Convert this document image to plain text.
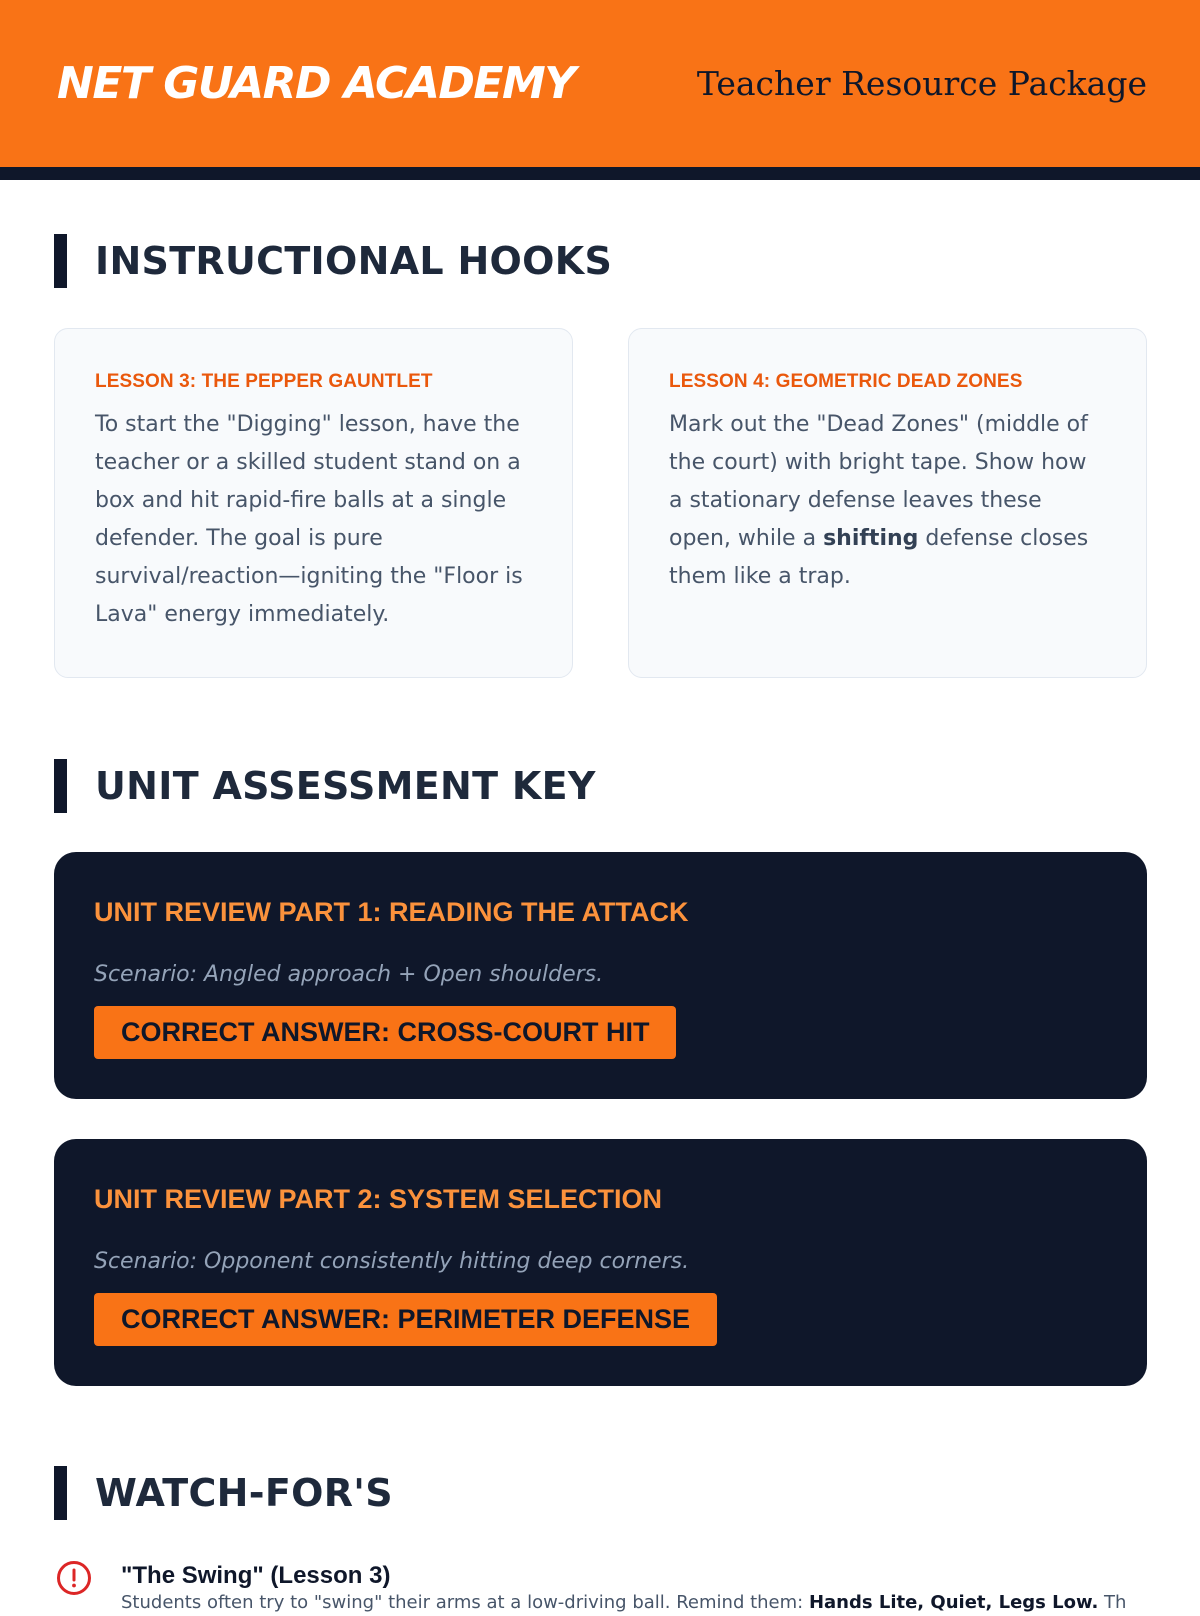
NET GUARD ACADEMY	Teacher Resource Package
INSTRUCTIONAL HOOKS
LESSON 3: THE PEPPER GAUNTLET
To start the "Digging" lesson, have the teacher or a skilled student stand on a box and hit rapid-fire balls at a single defender. The goal is pure survival/reaction—igniting the "Floor is Lava" energy immediately.
LESSON 4: GEOMETRIC DEAD ZONES
Mark out the "Dead Zones" (middle of the court) with bright tape. Show how a stationary defense leaves these open, while a shifting defense closes them like a trap.
UNIT ASSESSMENT KEY
UNIT REVIEW PART 1: READING THE ATTACK
Scenario: Angled approach + Open shoulders.
CORRECT ANSWER: CROSS-COURT HIT
UNIT REVIEW PART 2: SYSTEM SELECTION
Scenario: Opponent consistently hitting deep corners.
CORRECT ANSWER: PERIMETER DEFENSE
WATCH-FOR'S
"The Swing" (Lesson 3)
Students often try to "swing" their arms at a low-driving ball. Remind them: Hands Lite, Quiet, Legs Low. Th
